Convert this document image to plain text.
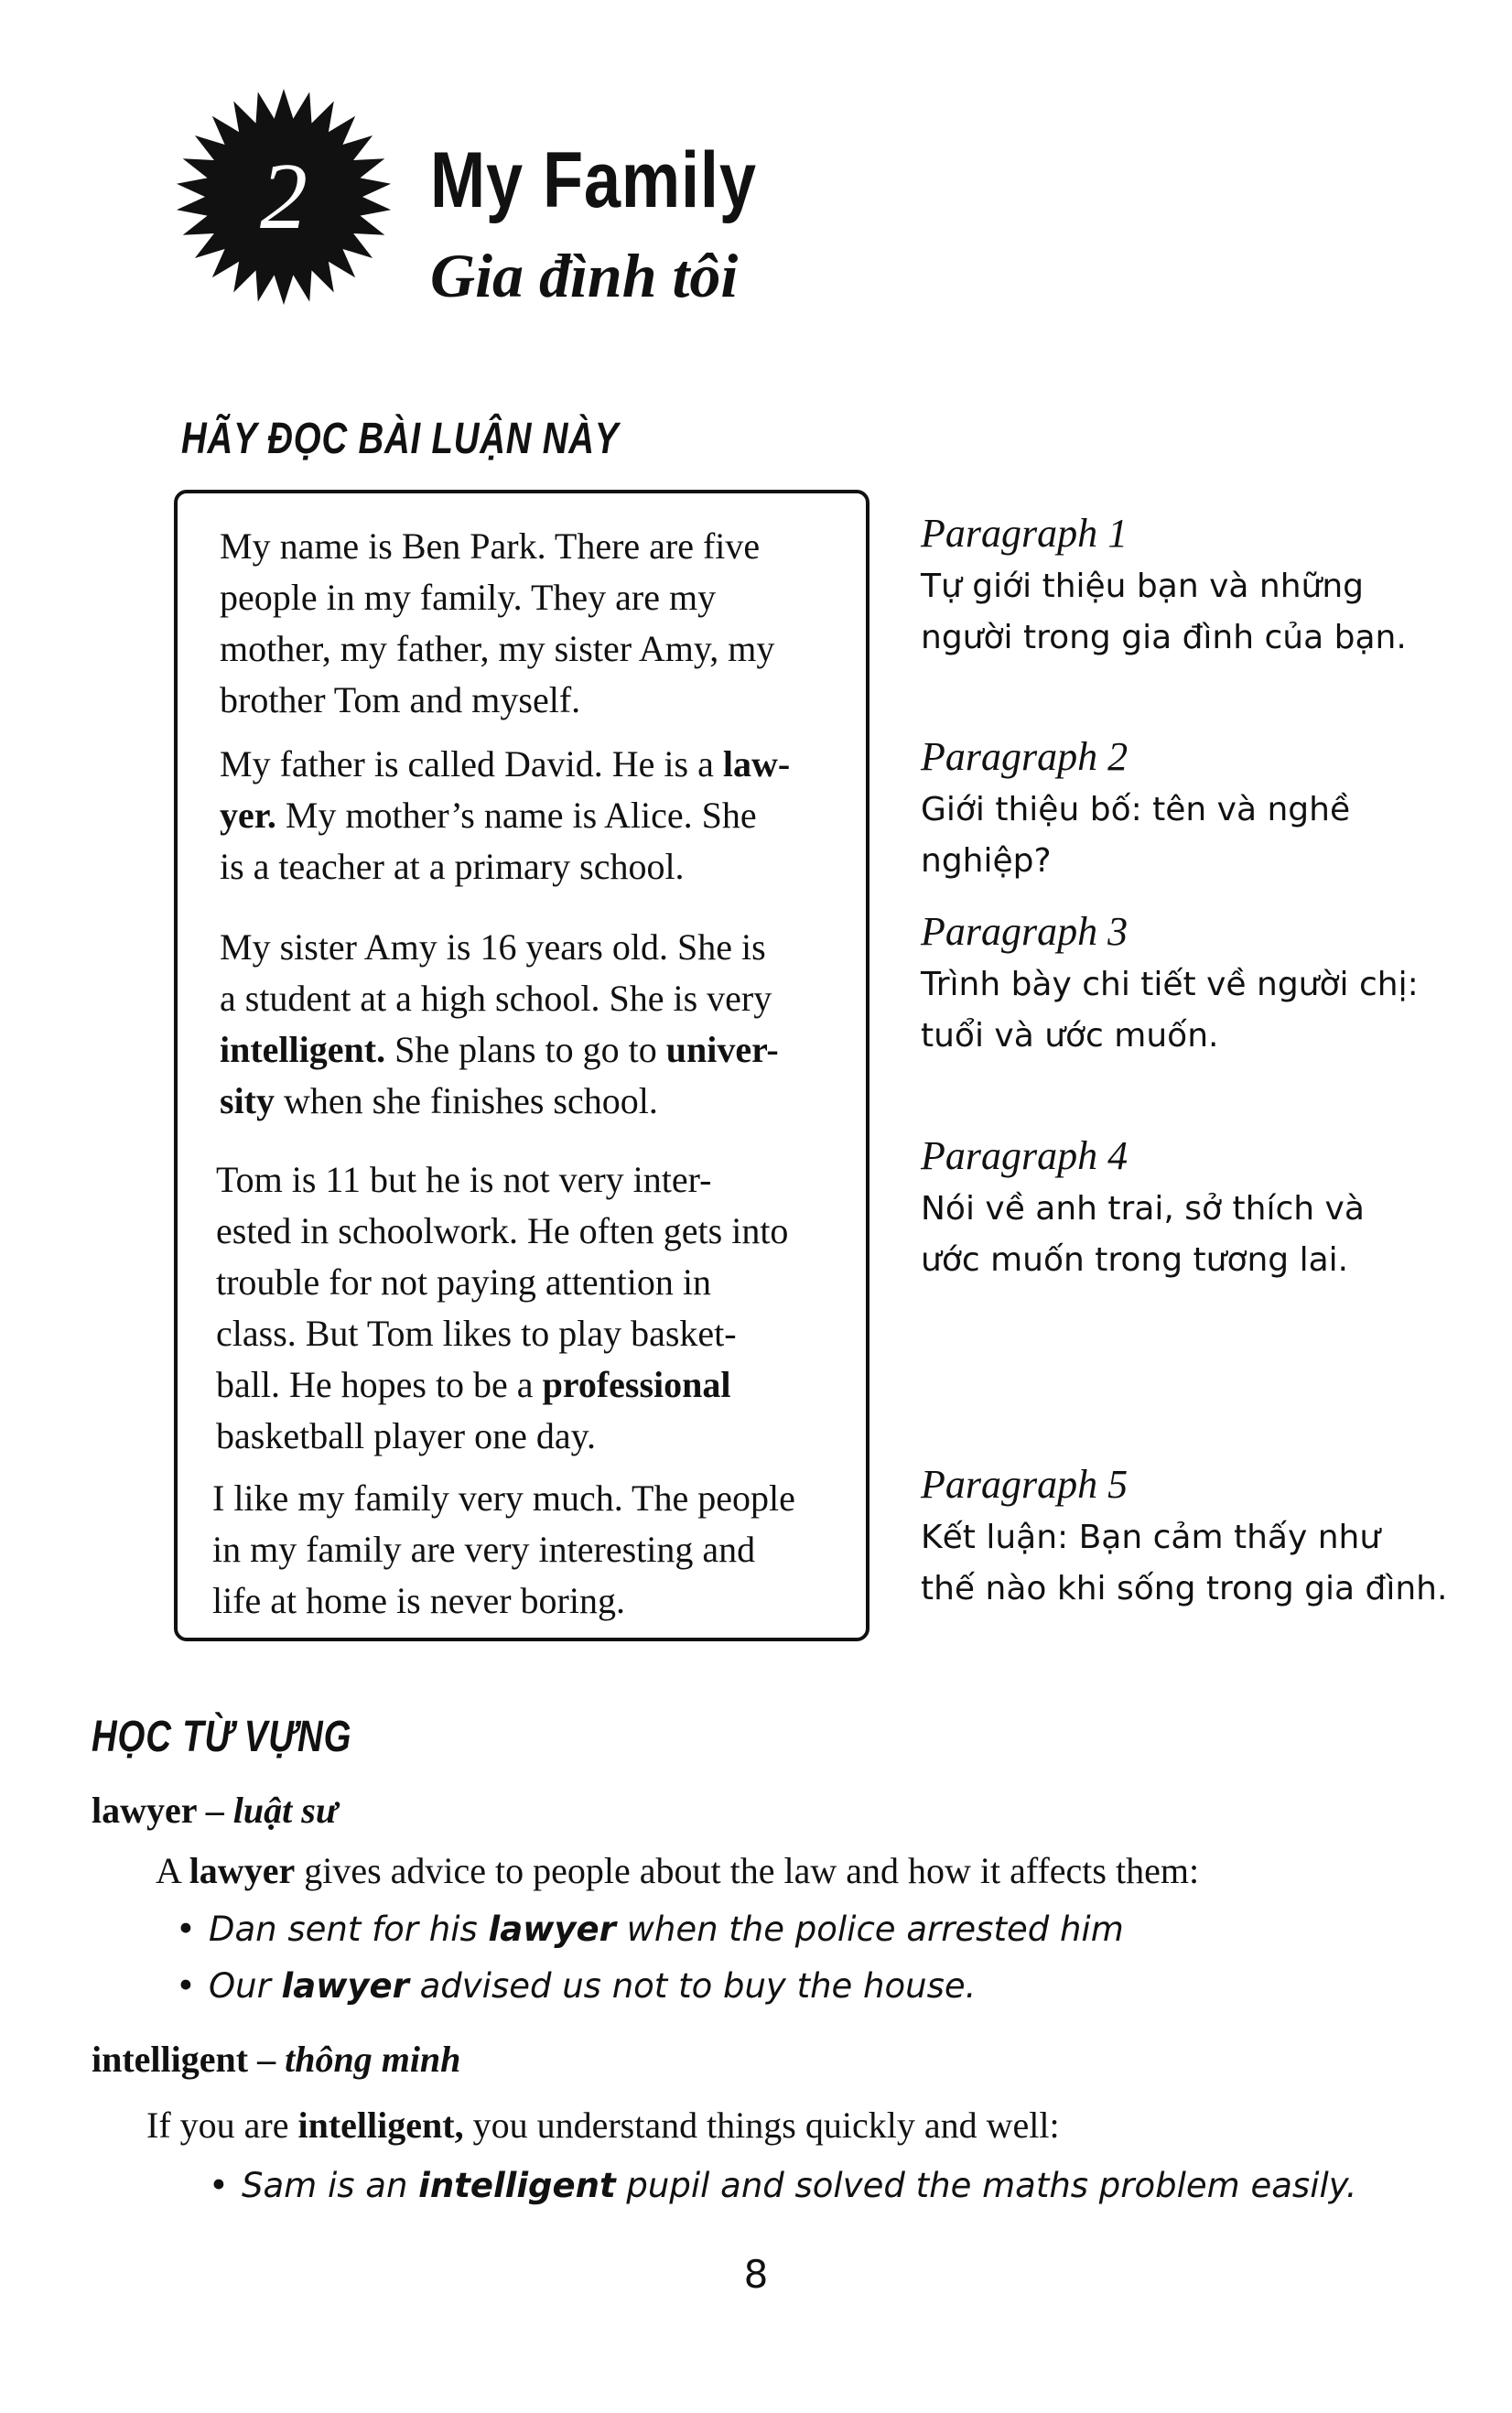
2	My Family
Gia đình tôi
HÃY ĐỌC BÀI LUẬN NÀY

My name is Ben Park. There are five
people in my family. They are my
mother, my father, my sister Amy, my
brother Tom and myself.

My father is called David. He is a law-
yer. My mother’s name is Alice. She
is a teacher at a primary school.

My sister Amy is 16 years old. She is
a student at a high school. She is very
intelligent. She plans to go to univer-
sity when she finishes school.

Tom is 11 but he is not very inter-
ested in schoolwork. He often gets into
trouble for not paying attention in
class. But Tom likes to play basket-
ball. He hopes to be a professional
basketball player one day.

I like my family very much. The people
in my family are very interesting and
life at home is never boring.

Paragraph 1
Tự giới thiệu bạn và những
người trong gia đình của bạn.
Paragraph 2
Giới thiệu bố: tên và nghề
nghiệp?
Paragraph 3
Trình bày chi tiết về người chị:
tuổi và ước muốn.
Paragraph 4
Nói về anh trai, sở thích và
ước muốn trong tương lai.
Paragraph 5
Kết luận: Bạn cảm thấy như
thế nào khi sống trong gia đình.
HỌC TỪ VỰNG
lawyer – luật sư
A lawyer gives advice to people about the law and how it affects them:
• Dan sent for his lawyer when the police arrested him
• Our lawyer advised us not to buy the house.
intelligent – thông minh
If you are intelligent, you understand things quickly and well:
• Sam is an intelligent pupil and solved the maths problem easily.
8
